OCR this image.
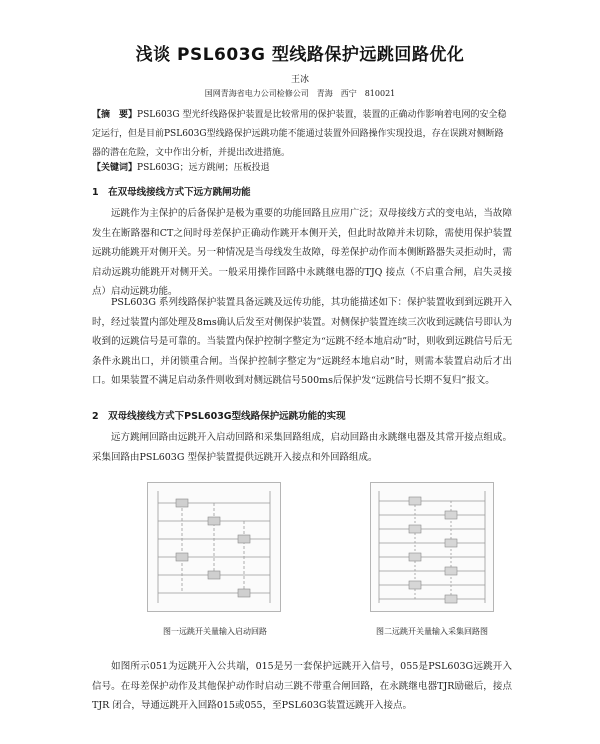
浅谈 PSL603G 型线路保护远跳回路优化
王冰
国网青海省电力公司检修公司　青海　西宁　810021
【摘　要】PSL603G 型光纤线路保护装置是比较常用的保护装置，装置的正确动作影响着电网的安全稳定运行，但是目前PSL603G型线路保护远跳功能不能通过装置外回路操作实现投退，存在误跳对侧断路器的潜在危险，文中作出分析，并提出改进措施。
【关键词】PSL603G；远方跳闸；压板投退
1　在双母线接线方式下远方跳闸功能
远跳作为主保护的后备保护是极为重要的功能回路且应用广泛；双母接线方式的变电站，当故障发生在断路器和CT之间时母差保护正确动作跳开本侧开关，但此时故障并未切除，需使用保护装置远跳功能跳开对侧开关。另一种情况是当母线发生故障，母差保护动作而本侧断路器失灵拒动时，需启动远跳功能跳开对侧开关。一般采用操作回路中永跳继电器的TJQ 接点（不启重合闸，启失灵接点）启动远跳功能。
PSL603G 系列线路保护装置具备远跳及远传功能，其功能描述如下：保护装置收到到远跳开入时，经过装置内部处理及8ms确认后发至对侧保护装置。对侧保护装置连续三次收到远跳信号即认为收到的远跳信号是可靠的。当装置内保护控制字整定为“远跳不经本地启动”时，则收到远跳信号后无条件永跳出口，并闭锁重合闸。当保护控制字整定为“远跳经本地启动”时，则需本装置启动后才出口。如果装置不满足启动条件则收到对侧远跳信号500ms后保护发“远跳信号长期不复归”报文。
2　双母线接线方式下PSL603G型线路保护远跳功能的实现
远方跳闸回路由远跳开入启动回路和采集回路组成，启动回路由永跳继电器及其常开接点组成。采集回路由PSL603G 型保护装置提供远跳开入接点和外回路组成。
图一远跳开关量输入启动回路	图二远跳开关量输入采集回路图
如图所示051为远跳开入公共端，015是另一套保护远跳开入信号，055是PSL603G远跳开入信号。在母差保护动作及其他保护动作时启动三跳不带重合闸回路，在永跳继电器TJR励磁后，接点TJR 闭合，导通远跳开入回路015或055，至PSL603G装置远跳开入接点。
